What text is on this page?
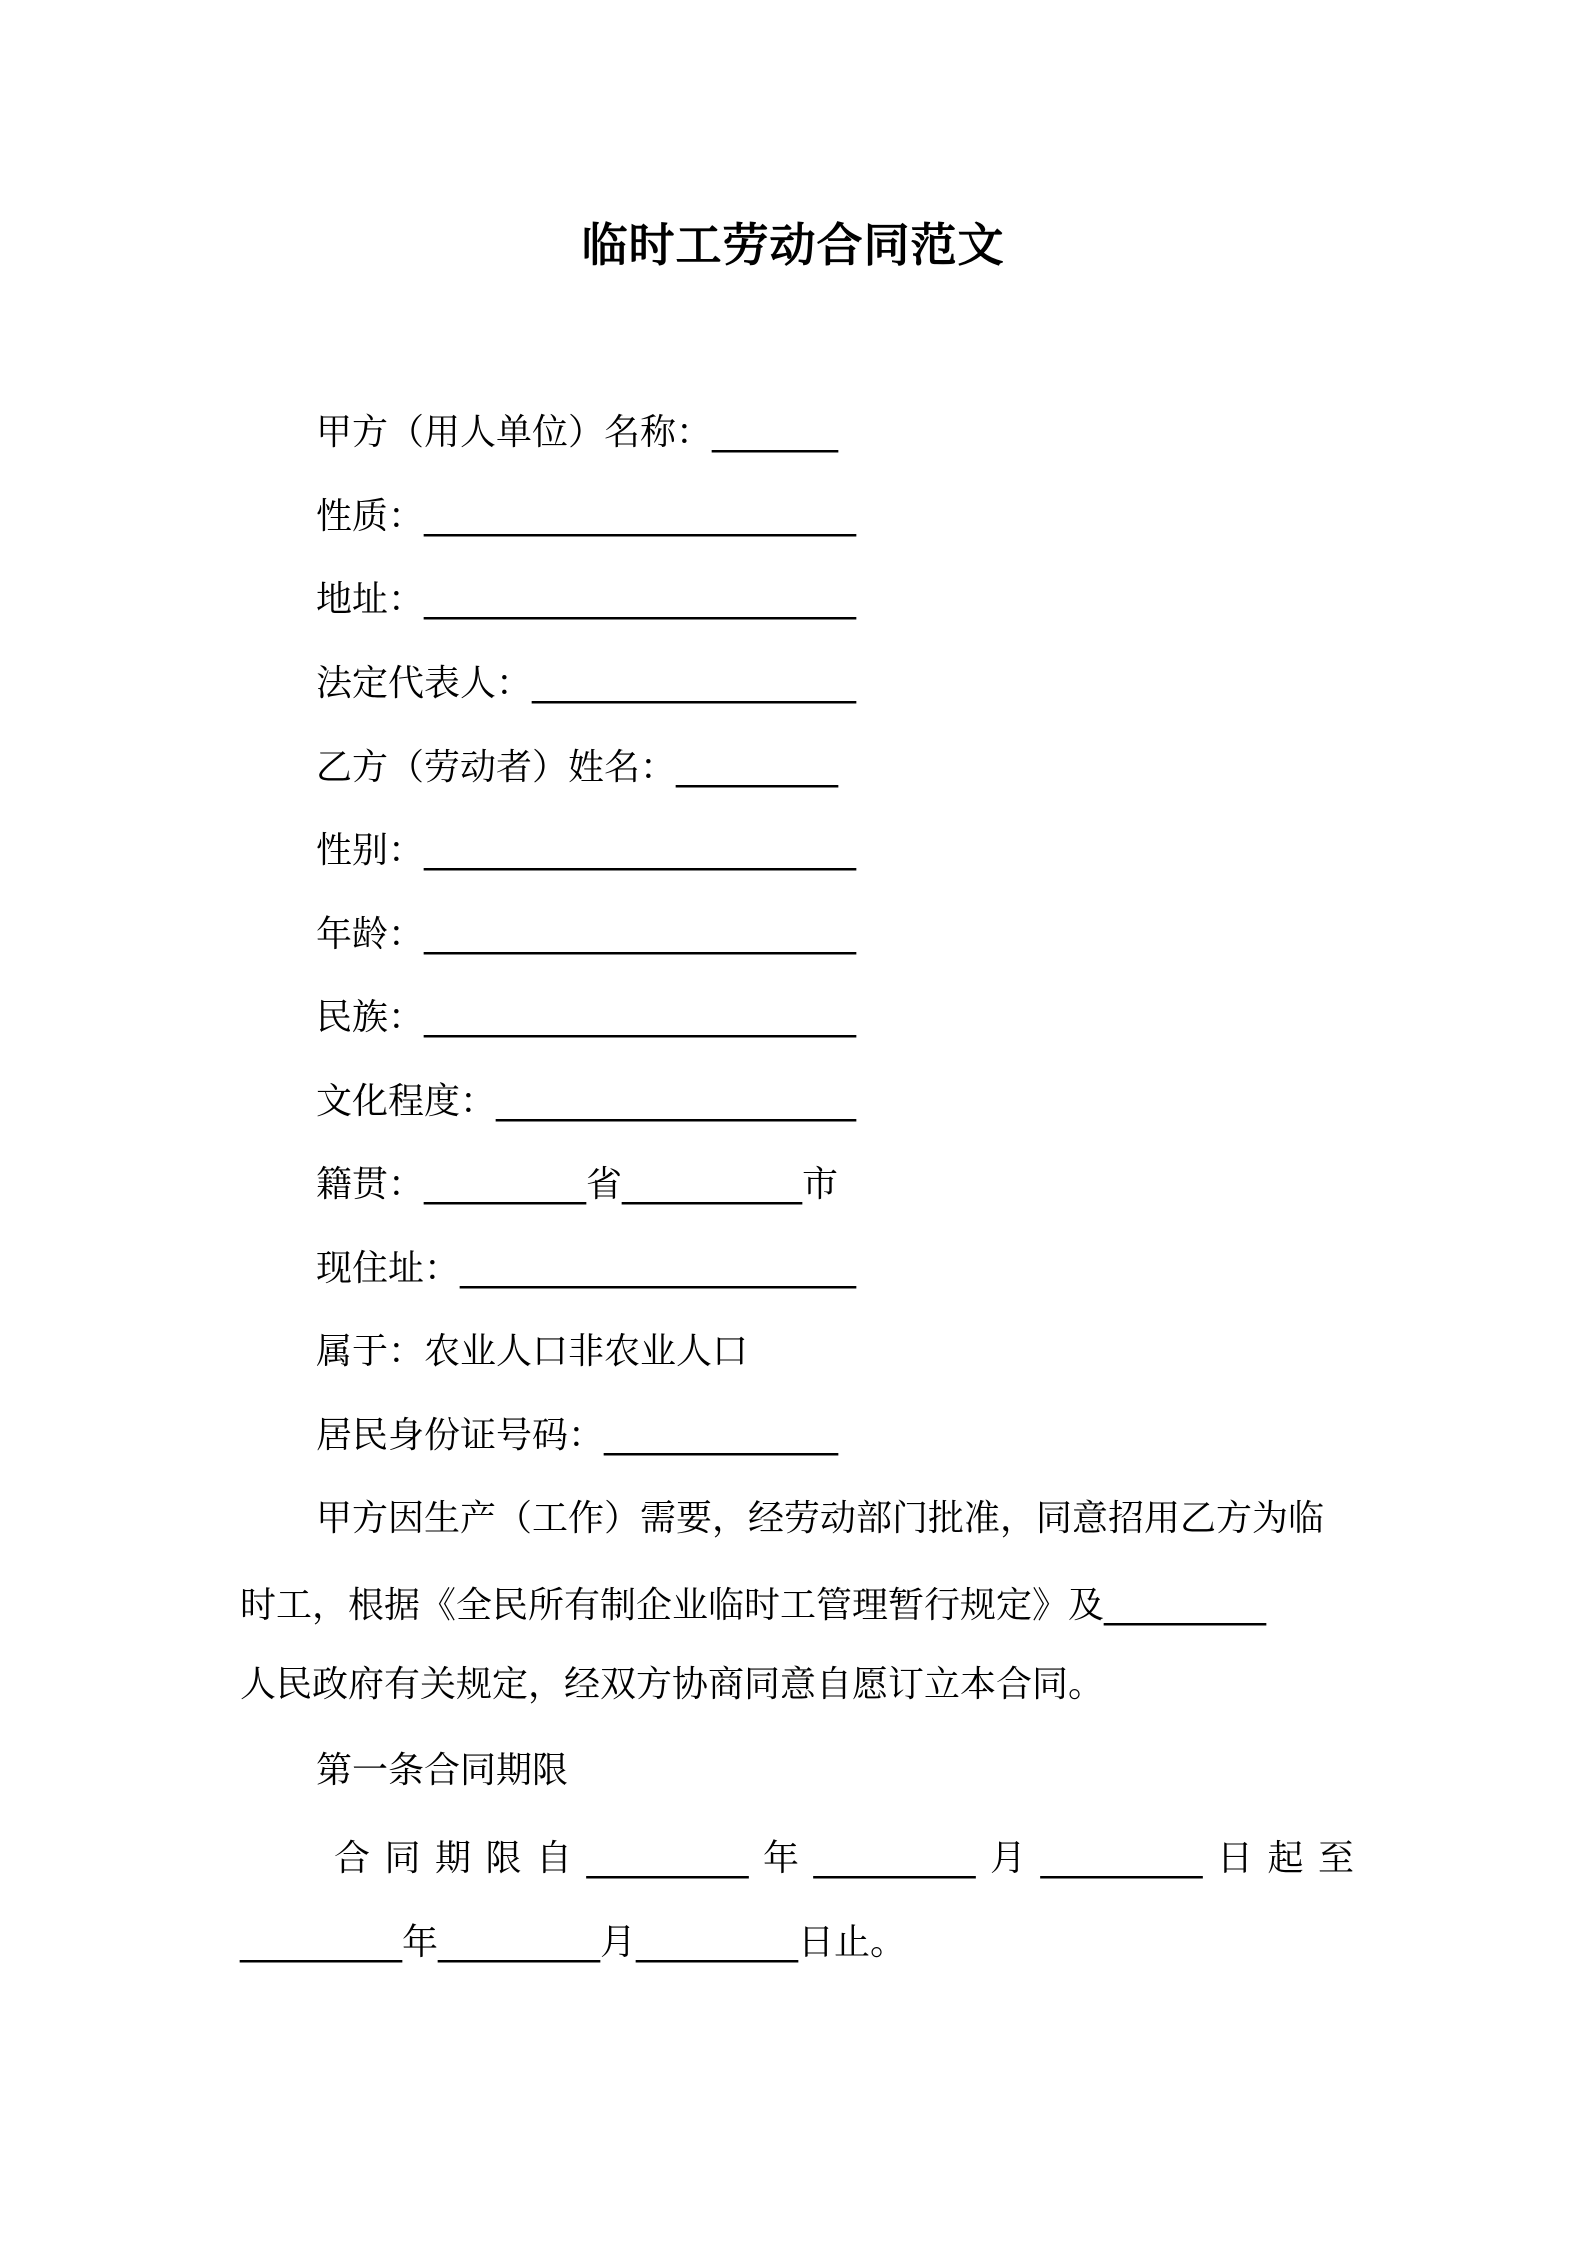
临时工劳动合同范文
甲方（用人单位）名称：_______
性质：________________________
地址：________________________
法定代表人：__________________
乙方（劳动者）姓名：_________
性别：________________________
年龄：________________________
民族：________________________
文化程度：____________________
籍贯：_________省__________市
现住址：______________________
属于：农业人口非农业人口
居民身份证号码：_____________
甲方因生产（工作）需要，经劳动部门批准，同意招用乙方为临
时工，根据《全民所有制企业临时工管理暂行规定》及_________
人民政府有关规定，经双方协商同意自愿订立本合同。
第一条合同期限
合 同 期 限 自 _________ 年 _________ 月 _________ 日 起 至
_________年_________月_________日止。
